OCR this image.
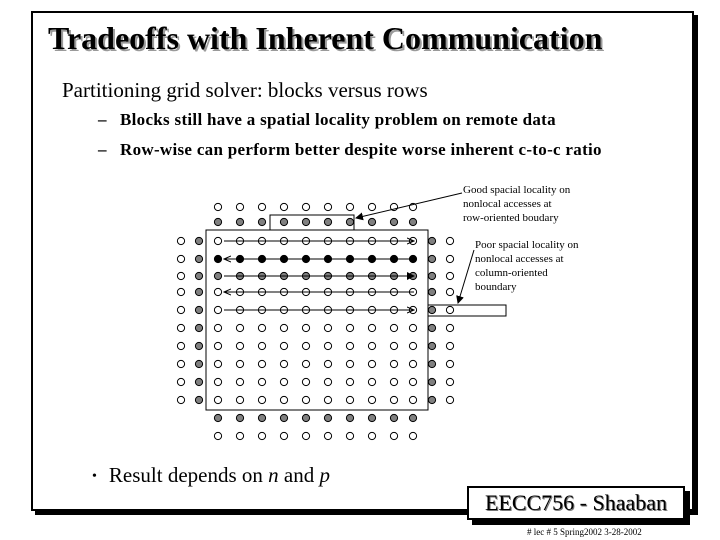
Tradeoffs with Inherent Communication
Partitioning grid solver: blocks versus rows
– Blocks still have a spatial locality problem on remote data
– Row-wise can perform better despite worse inherent c-to-c ratio
Good spacial locality on
nonlocal accesses at
row-oriented boudary
Poor spacial locality on
nonlocal accesses at
column-oriented
boundary
• Result depends on n and p
EECC756 - Shaaban
# lec # 5 Spring2002 3-28-2002
